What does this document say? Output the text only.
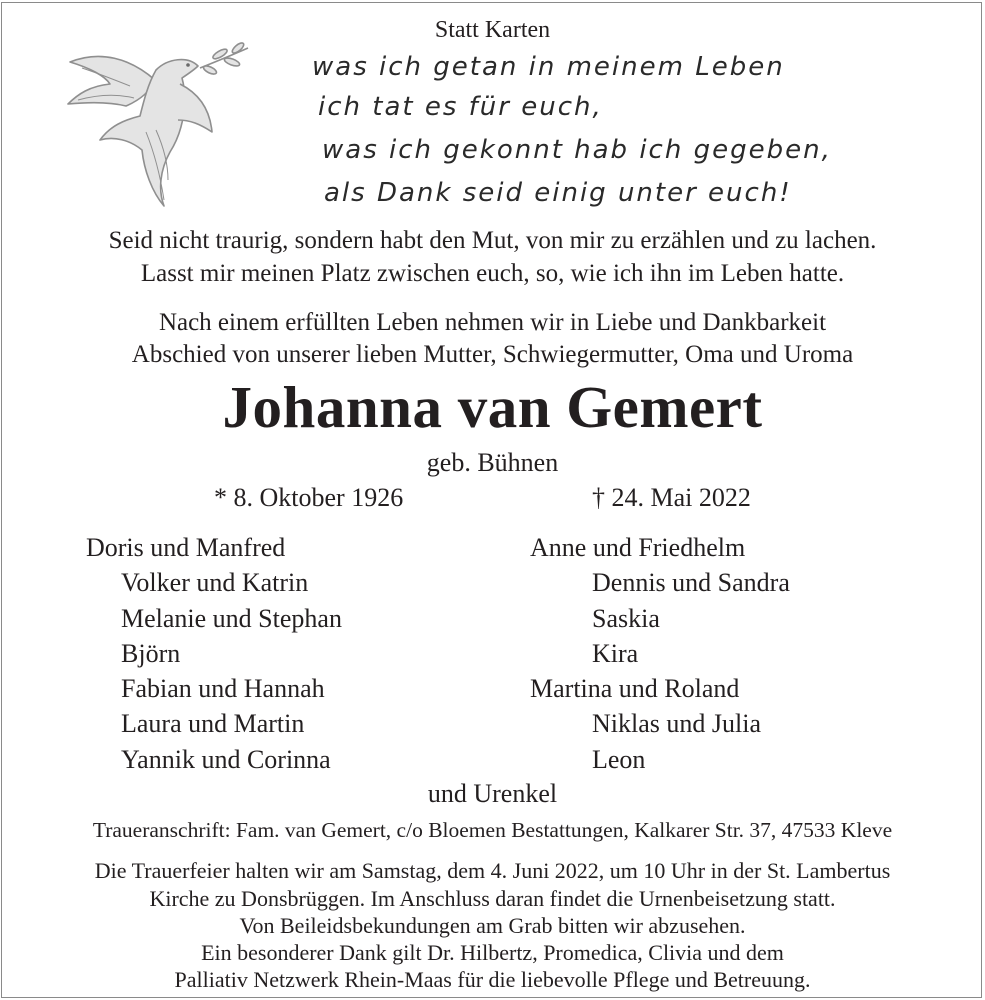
Statt Karten
was ich getan in meinem Leben
ich tat es für euch,
was ich gekonnt hab ich gegeben,
als Dank seid einig unter euch!
Seid nicht traurig, sondern habt den Mut, von mir zu erzählen und zu lachen.
Lasst mir meinen Platz zwischen euch, so, wie ich ihn im Leben hatte.
Nach einem erfüllten Leben nehmen wir in Liebe und Dankbarkeit
Abschied von unserer lieben Mutter, Schwiegermutter, Oma und Uroma
Johanna van Gemert
geb. Bühnen
* 8. Oktober 1926	† 24. Mai 2022
Doris und Manfred
Volker und Katrin
Melanie und Stephan
Björn
Fabian und Hannah
Laura und Martin
Yannik und Corinna
Anne und Friedhelm
Dennis und Sandra
Saskia
Kira
Martina und Roland
Niklas und Julia
Leon
und Urenkel
Traueranschrift: Fam. van Gemert, c/o Bloemen Bestattungen, Kalkarer Str. 37, 47533 Kleve
Die Trauerfeier halten wir am Samstag, dem 4. Juni 2022, um 10 Uhr in der St. Lambertus
Kirche zu Donsbrüggen. Im Anschluss daran findet die Urnenbeisetzung statt.
Von Beileidsbekundungen am Grab bitten wir abzusehen.
Ein besonderer Dank gilt Dr. Hilbertz, Promedica, Clivia und dem
Palliativ Netzwerk Rhein-Maas für die liebevolle Pflege und Betreuung.
